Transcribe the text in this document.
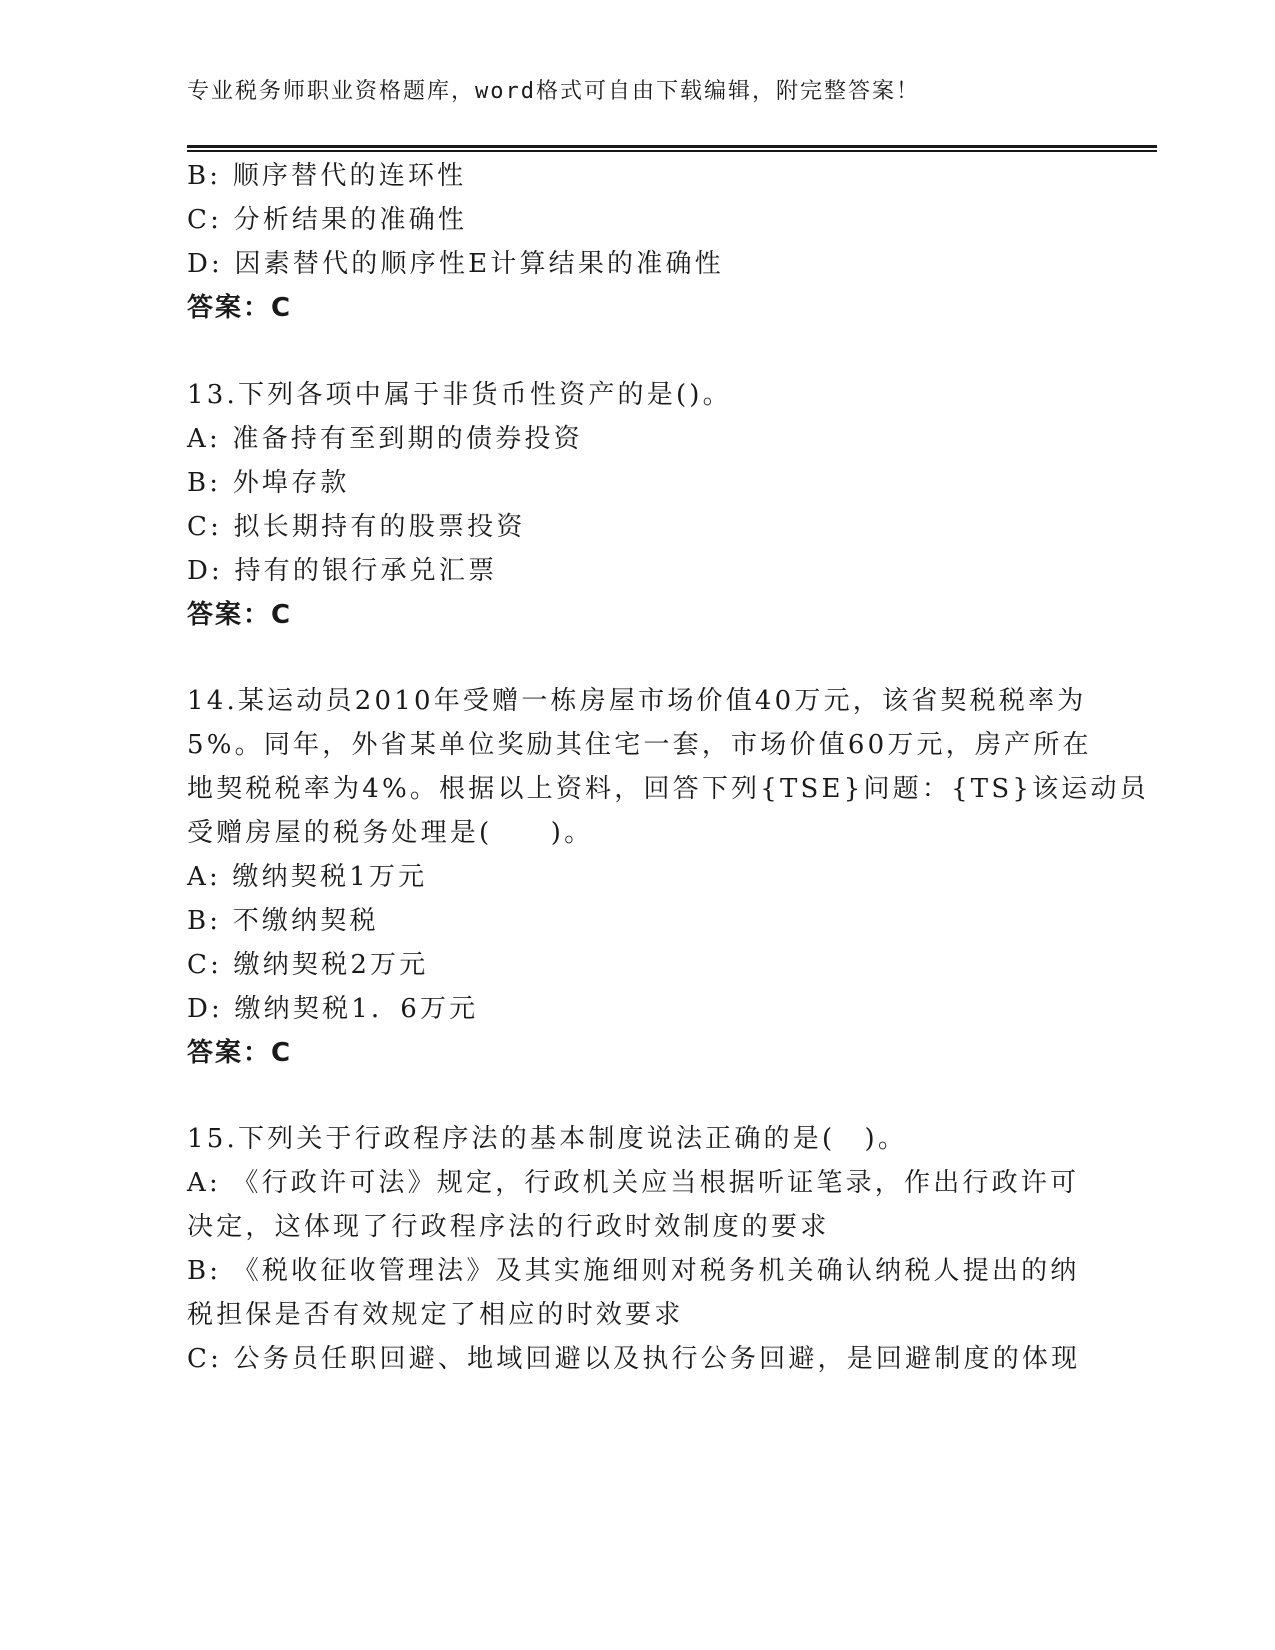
专业税务师职业资格题库，word格式可自由下载编辑，附完整答案！
B: 顺序替代的连环性
C: 分析结果的准确性
D: 因素替代的顺序性E计算结果的准确性
答案：C
13.下列各项中属于非货币性资产的是()。
A: 准备持有至到期的债券投资
B: 外埠存款
C: 拟长期持有的股票投资
D: 持有的银行承兑汇票
答案：C
14.某运动员2010年受赠一栋房屋市场价值40万元，该省契税税率为
5%。同年，外省某单位奖励其住宅一套，市场价值60万元，房产所在
地契税税率为4%。根据以上资料，回答下列{TSE}问题：{TS}该运动员
受赠房屋的税务处理是(　　)。
A: 缴纳契税1万元
B: 不缴纳契税
C: 缴纳契税2万元
D: 缴纳契税1．6万元
答案：C
15.下列关于行政程序法的基本制度说法正确的是(　)。
A: 《行政许可法》规定，行政机关应当根据听证笔录，作出行政许可
决定，这体现了行政程序法的行政时效制度的要求
B: 《税收征收管理法》及其实施细则对税务机关确认纳税人提出的纳
税担保是否有效规定了相应的时效要求
C: 公务员任职回避、地域回避以及执行公务回避，是回避制度的体现
